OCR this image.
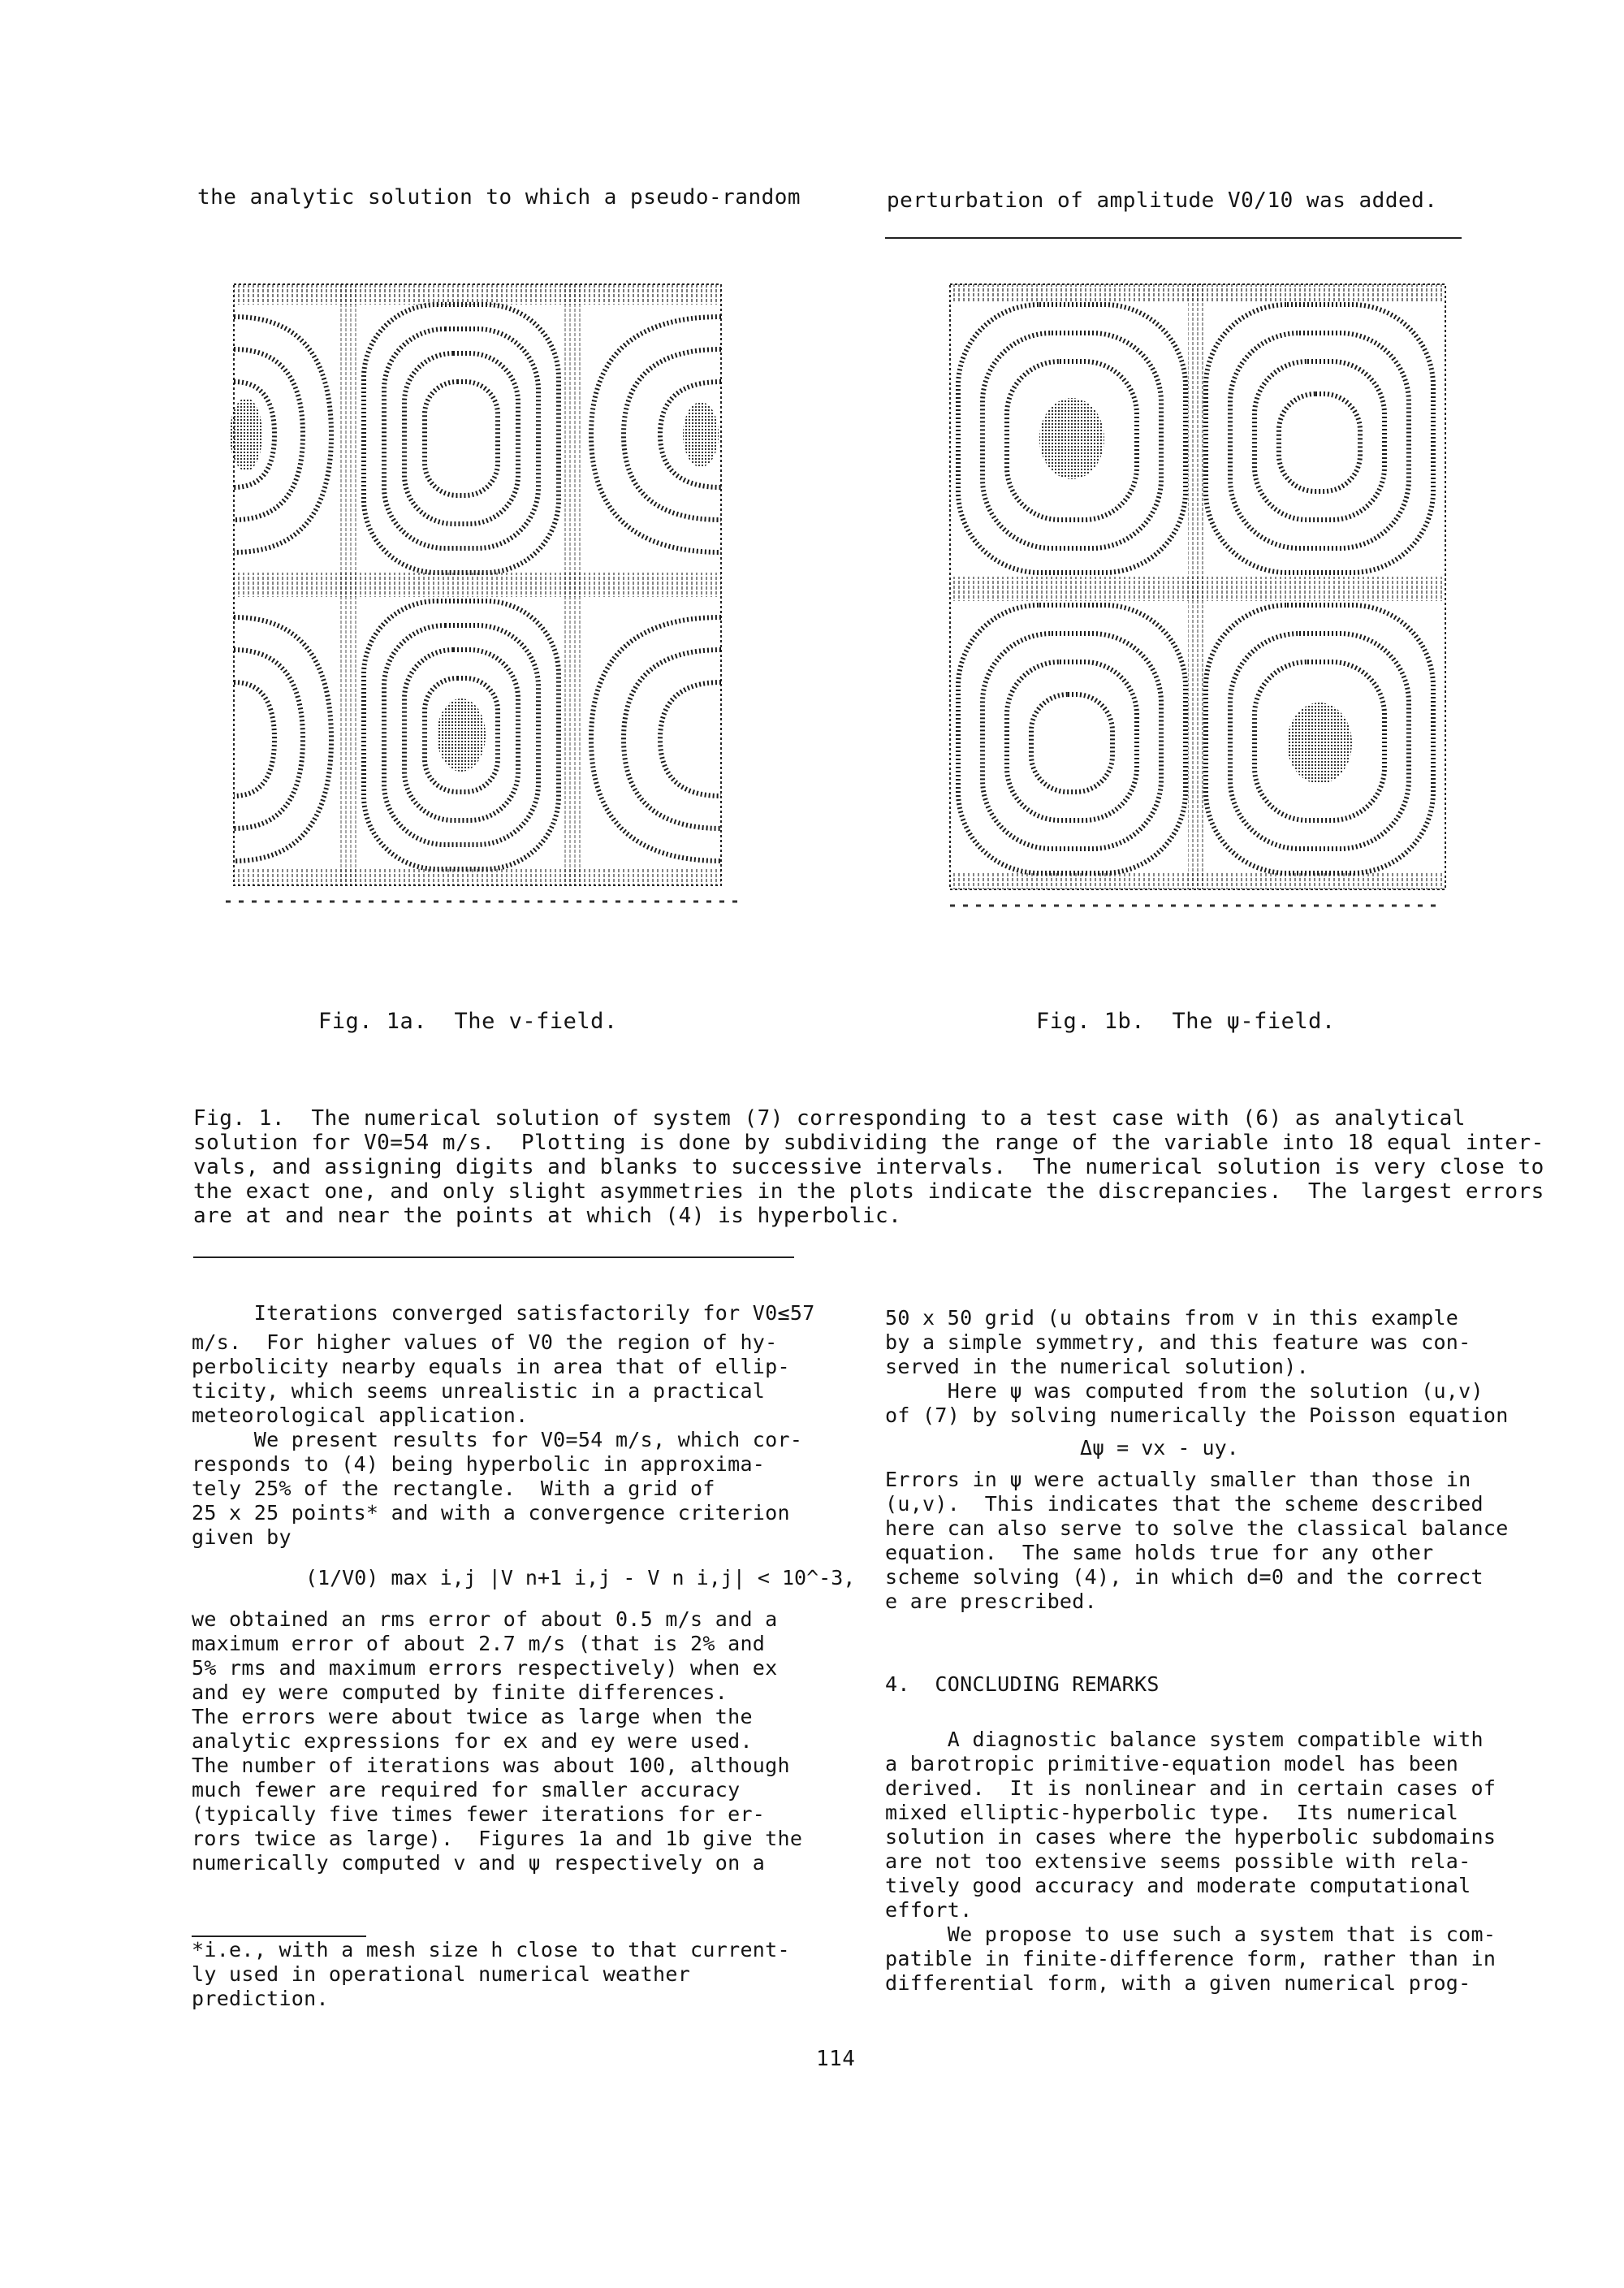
the analytic solution to which a pseudo-random	perturbation of amplitude V0/10 was added.
Fig. 1a.  The v-field.	Fig. 1b.  The ψ-field.
Fig. 1.  The numerical solution of system (7) corresponding to a test case with (6) as analytical
solution for V0=54 m/s.  Plotting is done by subdividing the range of the variable into 18 equal inter-
vals, and assigning digits and blanks to successive intervals.  The numerical solution is very close to
the exact one, and only slight asymmetries in the plots indicate the discrepancies.  The largest errors
are at and near the points at which (4) is hyperbolic.
Iterations converged satisfactorily for V0≤57
m/s.  For higher values of V0 the region of hy-
perbolicity nearby equals in area that of ellip-
ticity, which seems unrealistic in a practical
meteorological application.
We present results for V0=54 m/s, which cor-
responds to (4) being hyperbolic in approxima-
tely 25% of the rectangle.  With a grid of
25 x 25 points* and with a convergence criterion
given by
(1/V0) max i,j |V n+1 i,j - V n i,j| < 10^-3,
we obtained an rms error of about 0.5 m/s and a
maximum error of about 2.7 m/s (that is 2% and
5% rms and maximum errors respectively) when ex
and ey were computed by finite differences.
The errors were about twice as large when the
analytic expressions for ex and ey were used.
The number of iterations was about 100, although
much fewer are required for smaller accuracy
(typically five times fewer iterations for er-
rors twice as large).  Figures 1a and 1b give the
numerically computed v and ψ respectively on a
*i.e., with a mesh size h close to that current-
ly used in operational numerical weather
prediction.
50 x 50 grid (u obtains from v in this example
by a simple symmetry, and this feature was con-
served in the numerical solution).
Here ψ was computed from the solution (u,v)
of (7) by solving numerically the Poisson equation
Δψ = vx - uy.
Errors in ψ were actually smaller than those in
(u,v).  This indicates that the scheme described
here can also serve to solve the classical balance
equation.  The same holds true for any other
scheme solving (4), in which d=0 and the correct
e are prescribed.
4.  CONCLUDING REMARKS
A diagnostic balance system compatible with
a barotropic primitive-equation model has been
derived.  It is nonlinear and in certain cases of
mixed elliptic-hyperbolic type.  Its numerical
solution in cases where the hyperbolic subdomains
are not too extensive seems possible with rela-
tively good accuracy and moderate computational
effort.
We propose to use such a system that is com-
patible in finite-difference form, rather than in
differential form, with a given numerical prog-
114
